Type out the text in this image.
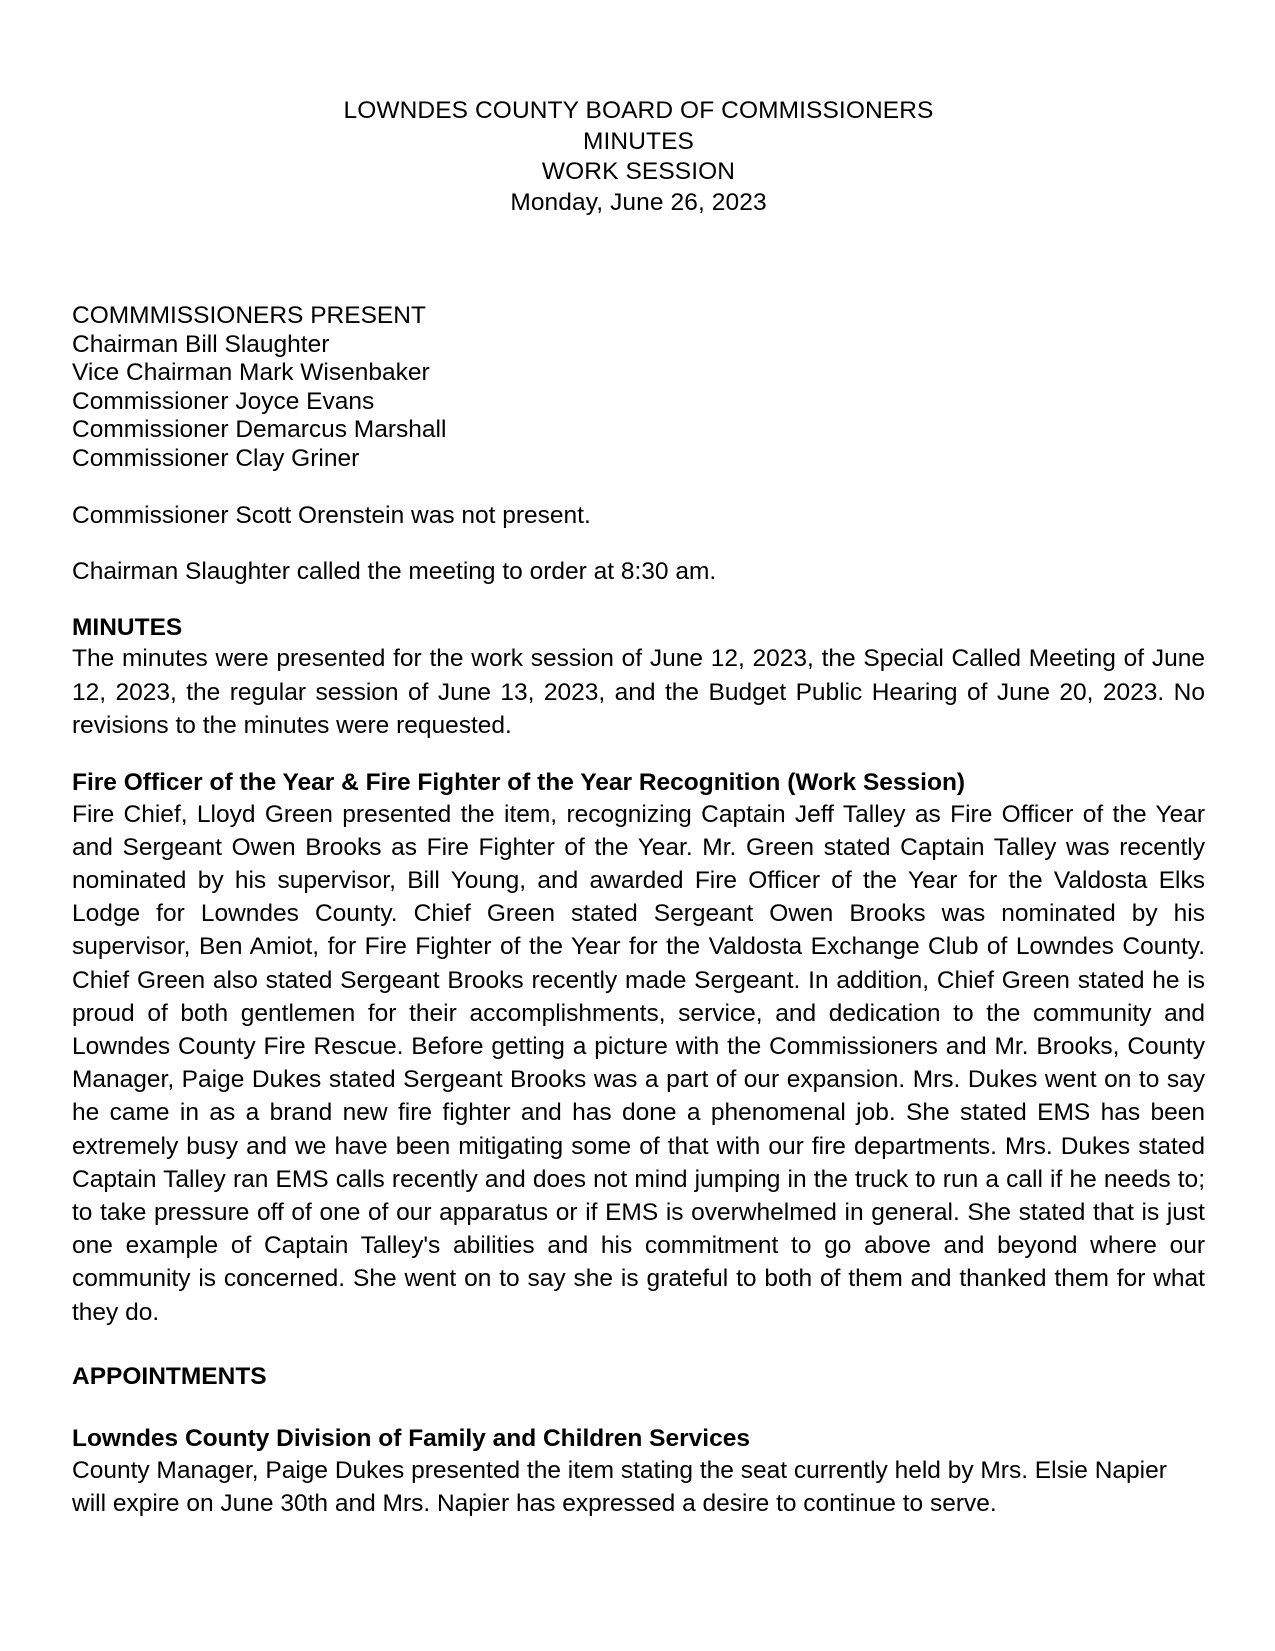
LOWNDES COUNTY BOARD OF COMMISSIONERS
MINUTES
WORK SESSION
Monday, June 26, 2023
COMMMISSIONERS PRESENT
Chairman Bill Slaughter
Vice Chairman Mark Wisenbaker
Commissioner Joyce Evans
Commissioner Demarcus Marshall
Commissioner Clay Griner
Commissioner Scott Orenstein was not present.
Chairman Slaughter called the meeting to order at 8:30 am.
MINUTES

The minutes were presented for the work session of June 12, 2023, the Special Called Meeting of June 12, 2023, the regular session of June 13, 2023, and the Budget Public Hearing of June 20, 2023. No revisions to the minutes were requested.

Fire Officer of the Year & Fire Fighter of the Year Recognition (Work Session)

Fire Chief, Lloyd Green presented the item, recognizing Captain Jeff Talley as Fire Officer of the Year and Sergeant Owen Brooks as Fire Fighter of the Year. Mr. Green stated Captain Talley was recently nominated by his supervisor, Bill Young, and awarded Fire Officer of the Year for the Valdosta Elks Lodge for Lowndes County. Chief Green stated Sergeant Owen Brooks was nominated by his supervisor, Ben Amiot, for Fire Fighter of the Year for the Valdosta Exchange Club of Lowndes County. Chief Green also stated Sergeant Brooks recently made Sergeant. In addition, Chief Green stated he is proud of both gentlemen for their accomplishments, service, and dedication to the community and Lowndes County Fire Rescue. Before getting a picture with the Commissioners and Mr. Brooks, County Manager, Paige Dukes stated Sergeant Brooks was a part of our expansion. Mrs. Dukes went on to say he came in as a brand new fire fighter and has done a phenomenal job. She stated EMS has been extremely busy and we have been mitigating some of that with our fire departments. Mrs. Dukes stated Captain Talley ran EMS calls recently and does not mind jumping in the truck to run a call if he needs to; to take pressure off of one of our apparatus or if EMS is overwhelmed in general. She stated that is just one example of Captain Talley's abilities and his commitment to go above and beyond where our community is concerned. She went on to say she is grateful to both of them and thanked them for what they do.

APPOINTMENTS
Lowndes County Division of Family and Children Services

County Manager, Paige Dukes presented the item stating the seat currently held by Mrs. Elsie Napier will expire on June 30th and Mrs. Napier has expressed a desire to continue to serve.
